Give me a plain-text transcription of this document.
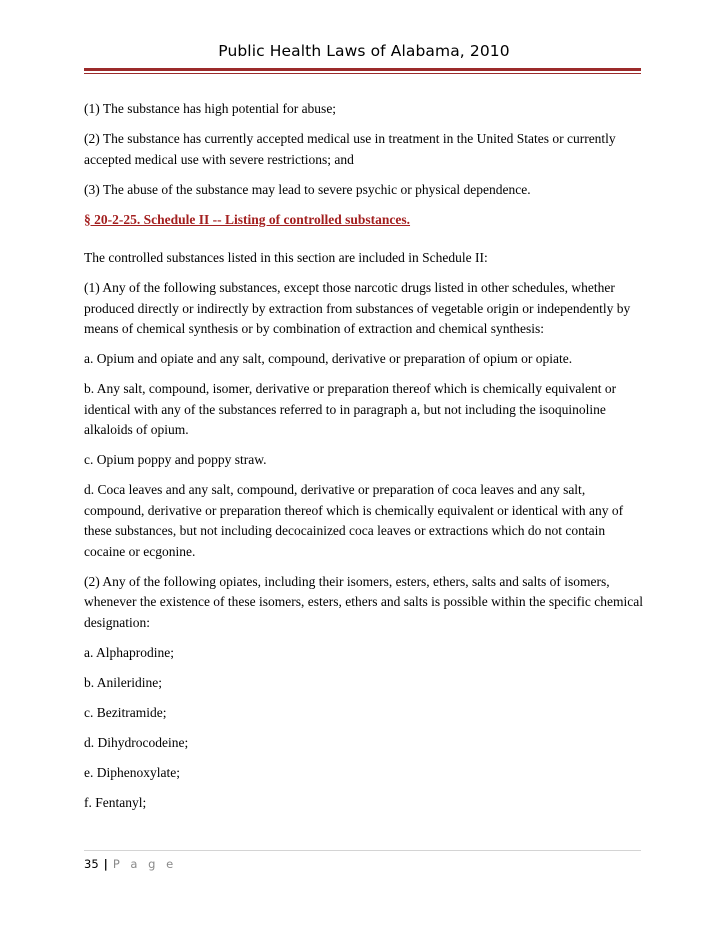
Public Health Laws of Alabama, 2010

(1) The substance has high potential for abuse;

(2) The substance has currently accepted medical use in treatment in the United States or currently accepted medical use with severe restrictions; and

(3) The abuse of the substance may lead to severe psychic or physical dependence.

§ 20-2-25. Schedule II -- Listing of controlled substances.

The controlled substances listed in this section are included in Schedule II:

(1) Any of the following substances, except those narcotic drugs listed in other schedules, whether produced directly or indirectly by extraction from substances of vegetable origin or independently by means of chemical synthesis or by combination of extraction and chemical synthesis:

a. Opium and opiate and any salt, compound, derivative or preparation of opium or opiate.

b. Any salt, compound, isomer, derivative or preparation thereof which is chemically equivalent or identical with any of the substances referred to in paragraph a, but not including the isoquinoline alkaloids of opium.

c. Opium poppy and poppy straw.

d. Coca leaves and any salt, compound, derivative or preparation of coca leaves and any salt, compound, derivative or preparation thereof which is chemically equivalent or identical with any of these substances, but not including decocainized coca leaves or extractions which do not contain cocaine or ecgonine.

(2) Any of the following opiates, including their isomers, esters, ethers, salts and salts of isomers, whenever the existence of these isomers, esters, ethers and salts is possible within the specific chemical designation:

a. Alphaprodine;

b. Anileridine;

c. Bezitramide;

d. Dihydrocodeine;

e. Diphenoxylate;

f. Fentanyl;

35 | P a g e
